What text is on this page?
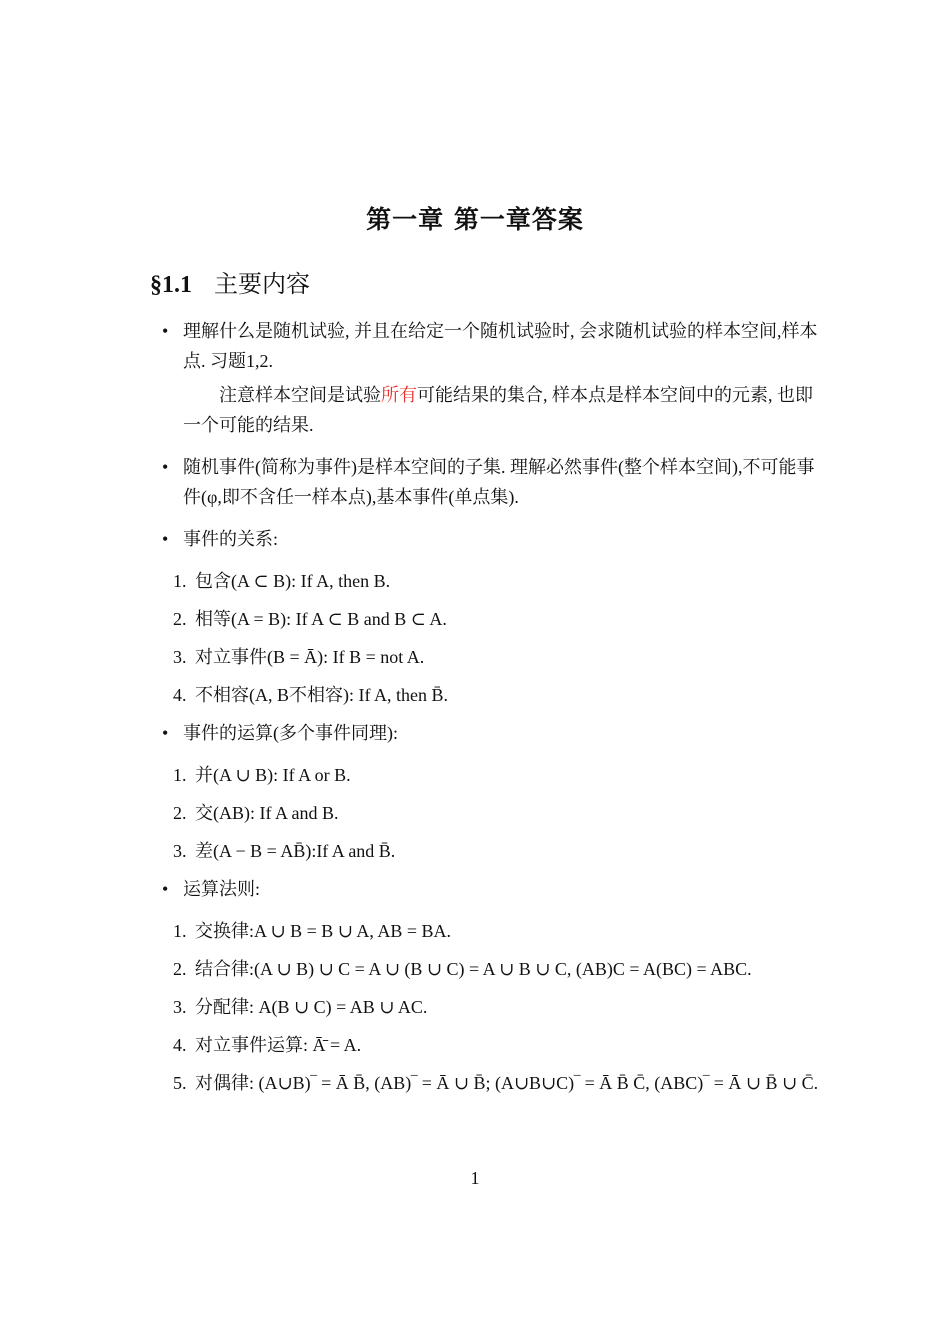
第一章 第一章答案
§1.1 主要内容
• 理解什么是随机试验, 并且在给定一个随机试验时, 会求随机试验的样本空间,样本点. 习题1,2.
注意样本空间是试验所有可能结果的集合, 样本点是样本空间中的元素, 也即一个可能的结果.
• 随机事件(简称为事件)是样本空间的子集. 理解必然事件(整个样本空间),不可能事件(φ,即不含任一样本点),基本事件(单点集).
• 事件的关系:
1. 包含(A ⊂ B): If A, then B.
2. 相等(A = B): If A ⊂ B and B ⊂ A.
3. 对立事件(B = Ā): If B = not A.
4. 不相容(A, B不相容): If A, then B̄.
• 事件的运算(多个事件同理):
1. 并(A ∪ B): If A or B.
2. 交(AB): If A and B.
3. 差(A − B = AB̄):If A and B̄.
• 运算法则:
1. 交换律:A ∪ B = B ∪ A, AB = BA.
2. 结合律:(A ∪ B) ∪ C = A ∪ (B ∪ C) = A ∪ B ∪ C, (AB)C = A(BC) = ABC.
3. 分配律: A(B ∪ C) = AB ∪ AC.
4. 对立事件运算: Ā̄ = A.
5. 对偶律: (A∪B)‾ = Ā B̄, (AB)‾ = Ā ∪ B̄; (A∪B∪C)‾ = Ā B̄ C̄, (ABC)‾ = Ā ∪ B̄ ∪ C̄.
1
